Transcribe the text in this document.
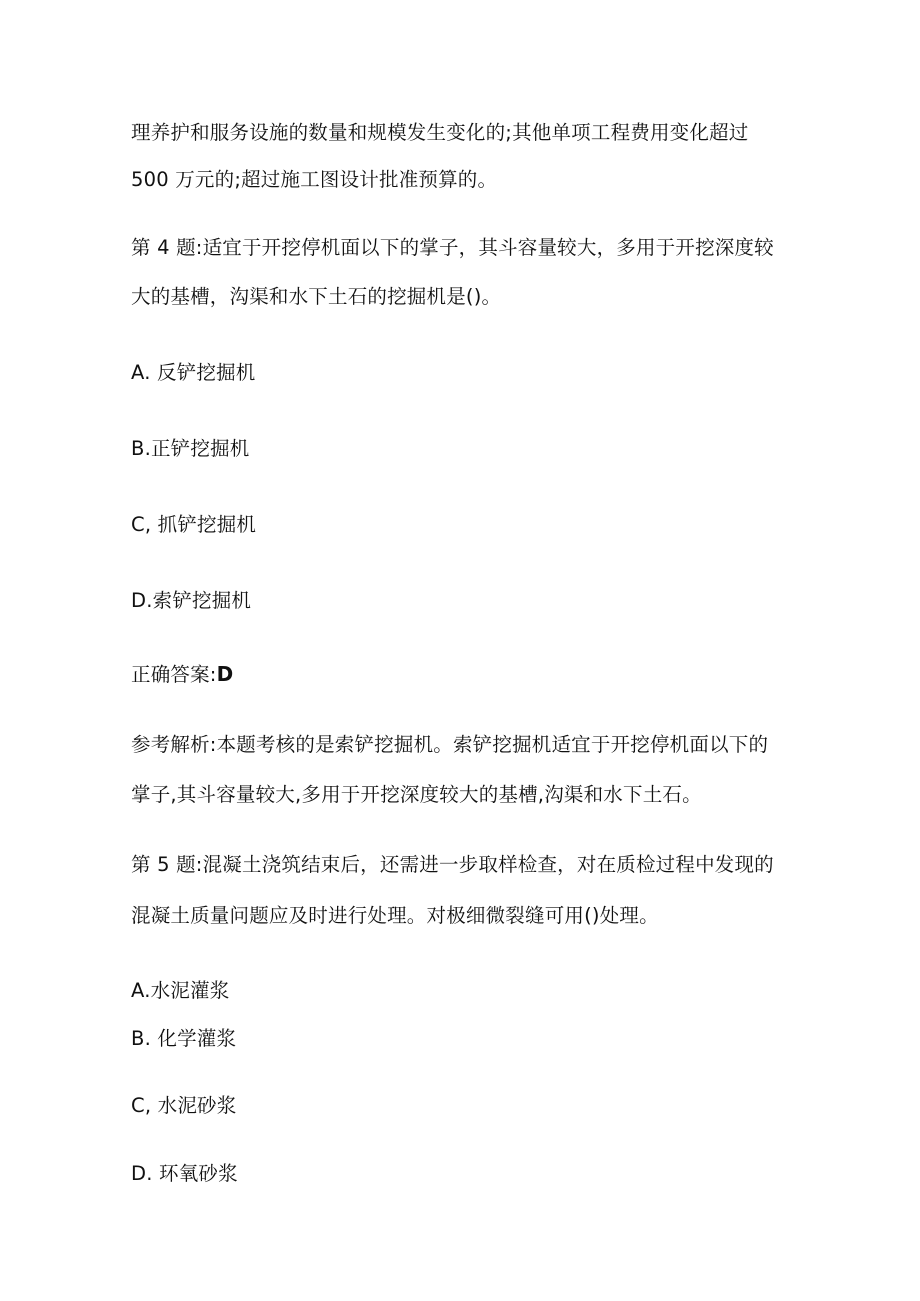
理养护和服务设施的数量和规模发生变化的;其他单项工程费用变化超过
500 万元的;超过施工图设计批准预算的。
第 4 题:适宜于开挖停机面以下的掌子，其斗容量较大，多用于开挖深度较
大的基槽，沟渠和水下土石的挖掘机是()。
A. 反铲挖掘机
B.正铲挖掘机
C, 抓铲挖掘机
D.索铲挖掘机
正确答案:D
参考解析:本题考核的是索铲挖掘机。索铲挖掘机适宜于开挖停机面以下的
掌子,其斗容量较大,多用于开挖深度较大的基槽,沟渠和水下土石。
第 5 题:混凝土浇筑结束后，还需进一步取样检查，对在质检过程中发现的
混凝土质量问题应及时进行处理。对极细微裂缝可用()处理。
A.水泥灌浆
B. 化学灌浆
C, 水泥砂浆
D. 环氧砂浆
